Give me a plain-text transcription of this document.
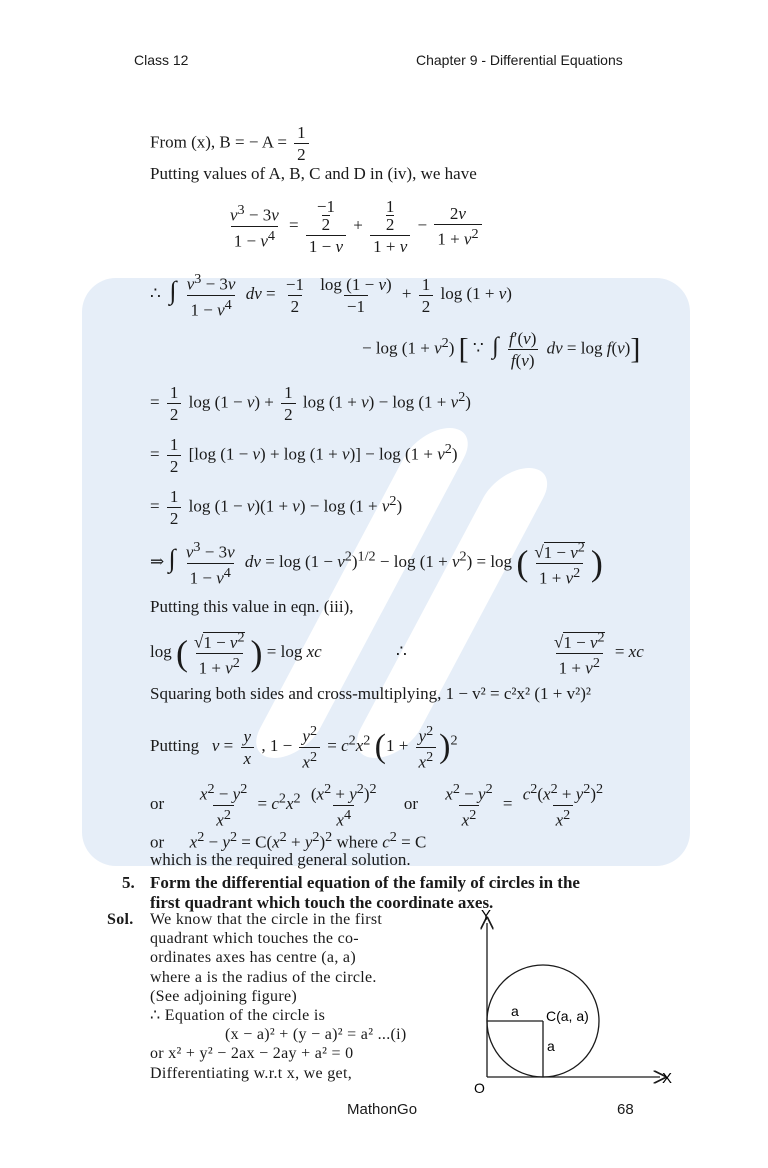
Class 12	Chapter 9 - Differential Equations
From (x), B = − $A = \frac{1}{2}$
Putting values of A, B, C and D in (iv), we have
$\frac{v^3 - 3v}{1 - v^4} = -1$
2
1 − v + 1
2
$1 + v - \frac{2v}{1 + v^2}$
∴  ∫ $\frac{v^3 - 3v}{1 - v^4}$ dv = $\frac{-1}{2}$
$\frac{\log (1 - v)}{-1} + \frac{1}{2}$ log (1 + v)
− $\log (1 + v^2)$ [ ∵  ∫ $\frac{f'(v)}{f(v)}$ dv = log f(v)]
= $\frac{1}{2}$ $\log (1 - v) + \frac{1}{2}$ $\log (1 + v) - \log (1 + v^2)$
= $\frac{1}{2} [\log$ $(1 - v) + \log (1 + v)] - \log (1 + v^2)$
= $\frac{1}{2}$ $\log (1 - v)(1 + v) - \log (1 + v^2)$
⇒ ∫ $\frac{v^3 - 3v}{1 - v^4}$ dv = $\log (1 - v^2)^{1/2} - \log (1 + v^2) = \log$ ( $\frac{√1 - v^2}{1 + v^2}$ )
Putting this value in eqn. (iii),
log ( $\frac{√1 - v^2}{1 + v^2}$ ) = log xc	∴	$\frac{√1 - v^2}{1 + v^2}$ = xc
Squaring both sides and cross-multiplying, 1 − v² = c²x² (1 + v²)²
Putting   $v = \frac{y}{x}$ , $1 - \frac{y^2}{x^2} = c^2x^2$ $(1 + \frac{y^2}{x^2} )^2$
or $\frac{x^2 - y^2}{x^2} = c^2x^2 \frac{(x^2 + y^2)^2}{x^4}$ or $\frac{x^2 - y^2}{x^2} = \frac{c^2(x^2 + y^2)^2}{x^2}$
or      $x^2 - y^2 = C(x^2 + y^2)^2$ where $c^2 = C$
which is the required general solution.
5. Form the differential equation of the family of circles in the
first quadrant which touch the coordinate axes.
Sol. We know that the circle in the first
quadrant which touches the co-
ordinates axes has centre (a, a)
where a is the radius of the circle.
(See adjoining figure)
∴ Equation of the circle is
(x − a)² + (y − a)² = a² ...(i)
or x² + y² − 2ax − 2ay + a² = 0
Differentiating w.r.t x, we get,
Y
X
O
a
a
C(a, a)
MathonGo	68
